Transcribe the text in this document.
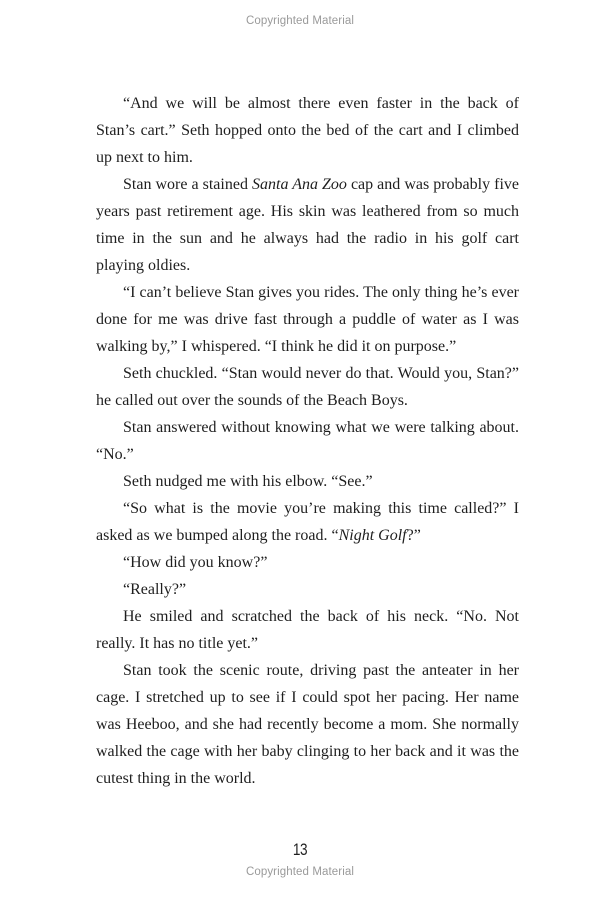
Copyrighted Material

“And we will be almost there even faster in the back of Stan’s cart.” Seth hopped onto the bed of the cart and I climbed up next to him.

Stan wore a stained Santa Ana Zoo cap and was probably five years past retirement age. His skin was leathered from so much time in the sun and he always had the radio in his golf cart playing oldies.

“I can’t believe Stan gives you rides. The only thing he’s ever done for me was drive fast through a puddle of water as I was walking by,” I whispered. “I think he did it on purpose.”

Seth chuckled. “Stan would never do that. Would you, Stan?” he called out over the sounds of the Beach Boys.

Stan answered without knowing what we were talking about. “No.”

Seth nudged me with his elbow. “See.”

“So what is the movie you’re making this time called?” I asked as we bumped along the road. “Night Golf?”

“How did you know?”

“Really?”

He smiled and scratched the back of his neck. “No. Not really. It has no title yet.”

Stan took the scenic route, driving past the anteater in her cage. I stretched up to see if I could spot her pacing. Her name was Heeboo, and she had recently become a mom. She normally walked the cage with her baby clinging to her back and it was the cutest thing in the world.

13
Copyrighted Material
